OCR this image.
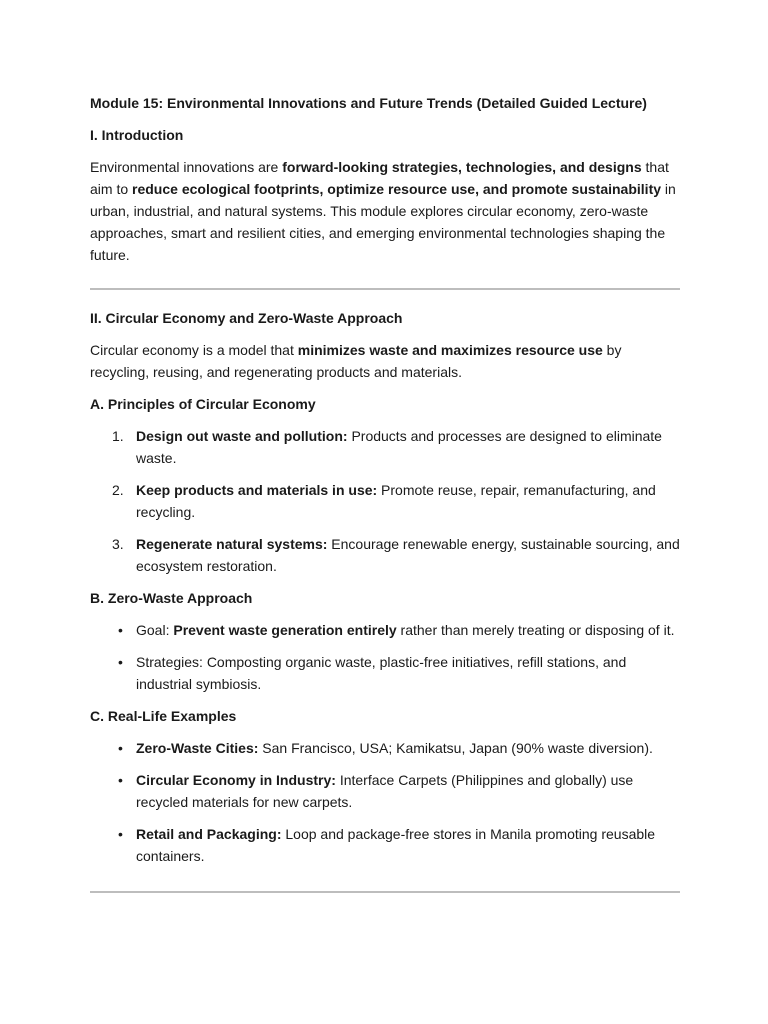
Module 15: Environmental Innovations and Future Trends (Detailed Guided Lecture)

I. Introduction

Environmental innovations are forward-looking strategies, technologies, and designs that aim to reduce ecological footprints, optimize resource use, and promote sustainability in urban, industrial, and natural systems. This module explores circular economy, zero-waste approaches, smart and resilient cities, and emerging environmental technologies shaping the future.

II. Circular Economy and Zero-Waste Approach

Circular economy is a model that minimizes waste and maximizes resource use by recycling, reusing, and regenerating products and materials.

A. Principles of Circular Economy

1. Design out waste and pollution: Products and processes are designed to eliminate waste.
2. Keep products and materials in use: Promote reuse, repair, remanufacturing, and recycling.
3. Regenerate natural systems: Encourage renewable energy, sustainable sourcing, and ecosystem restoration.

B. Zero-Waste Approach

• Goal: Prevent waste generation entirely rather than merely treating or disposing of it.
• Strategies: Composting organic waste, plastic-free initiatives, refill stations, and industrial symbiosis.

C. Real-Life Examples

• Zero-Waste Cities: San Francisco, USA; Kamikatsu, Japan (90% waste diversion).
• Circular Economy in Industry: Interface Carpets (Philippines and globally) use recycled materials for new carpets.
• Retail and Packaging: Loop and package-free stores in Manila promoting reusable containers.
